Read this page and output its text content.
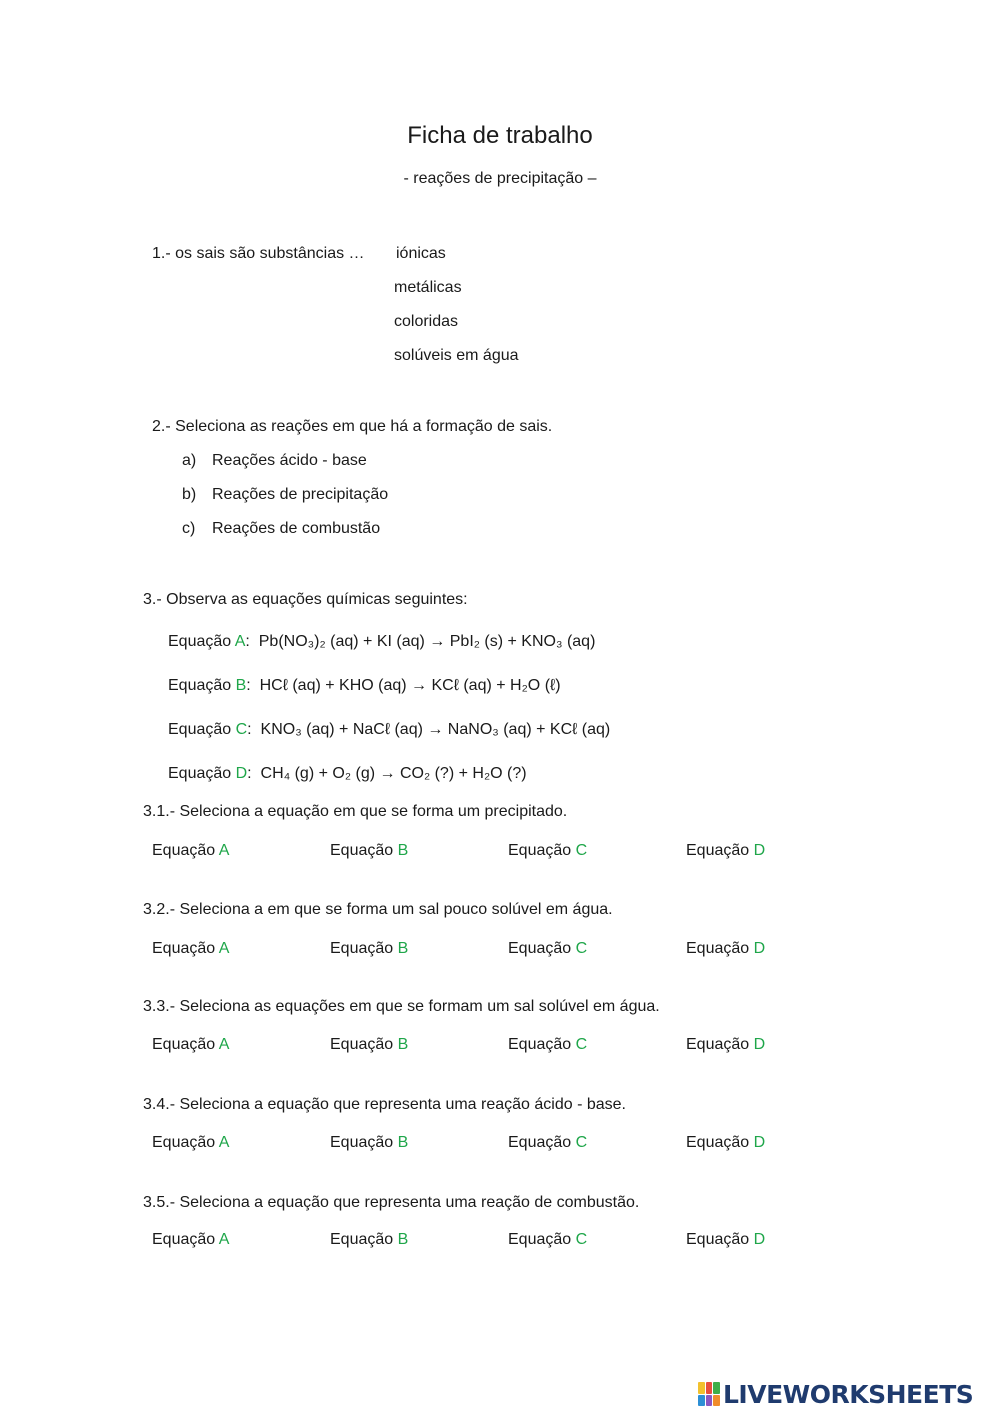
Ficha de trabalho
- reações de precipitação –
1.- os sais são substâncias … iónicas
metálicas
coloridas
solúveis em água
2.- Seleciona as reações em que há a formação de sais.
a) Reações ácido - base
b) Reações de precipitação
c) Reações de combustão
3.- Observa as equações químicas seguintes:
Equação A:  Pb(NO₃)₂ (aq) + KI (aq) → PbI₂ (s) + KNO₃ (aq)
Equação B:  HCℓ (aq) + KHO (aq) → KCℓ (aq) + H₂O (ℓ)
Equação C:  KNO₃ (aq) + NaCℓ (aq) → NaNO₃ (aq) + KCℓ (aq)
Equação D:  CH₄ (g) + O₂ (g) → CO₂ (?) + H₂O (?)
3.1.- Seleciona a equação em que se forma um precipitado.
Equação A	Equação B	Equação C	Equação D
3.2.- Seleciona a em que se forma um sal pouco solúvel em água.
Equação A	Equação B	Equação C	Equação D
3.3.- Seleciona as equações em que se formam um sal solúvel em água.
Equação A	Equação B	Equação C	Equação D
3.4.- Seleciona a equação que representa uma reação ácido - base.
Equação A	Equação B	Equação C	Equação D
3.5.- Seleciona a equação que representa uma reação de combustão.
Equação A	Equação B	Equação C	Equação D
LIVEWORKSHEETS
